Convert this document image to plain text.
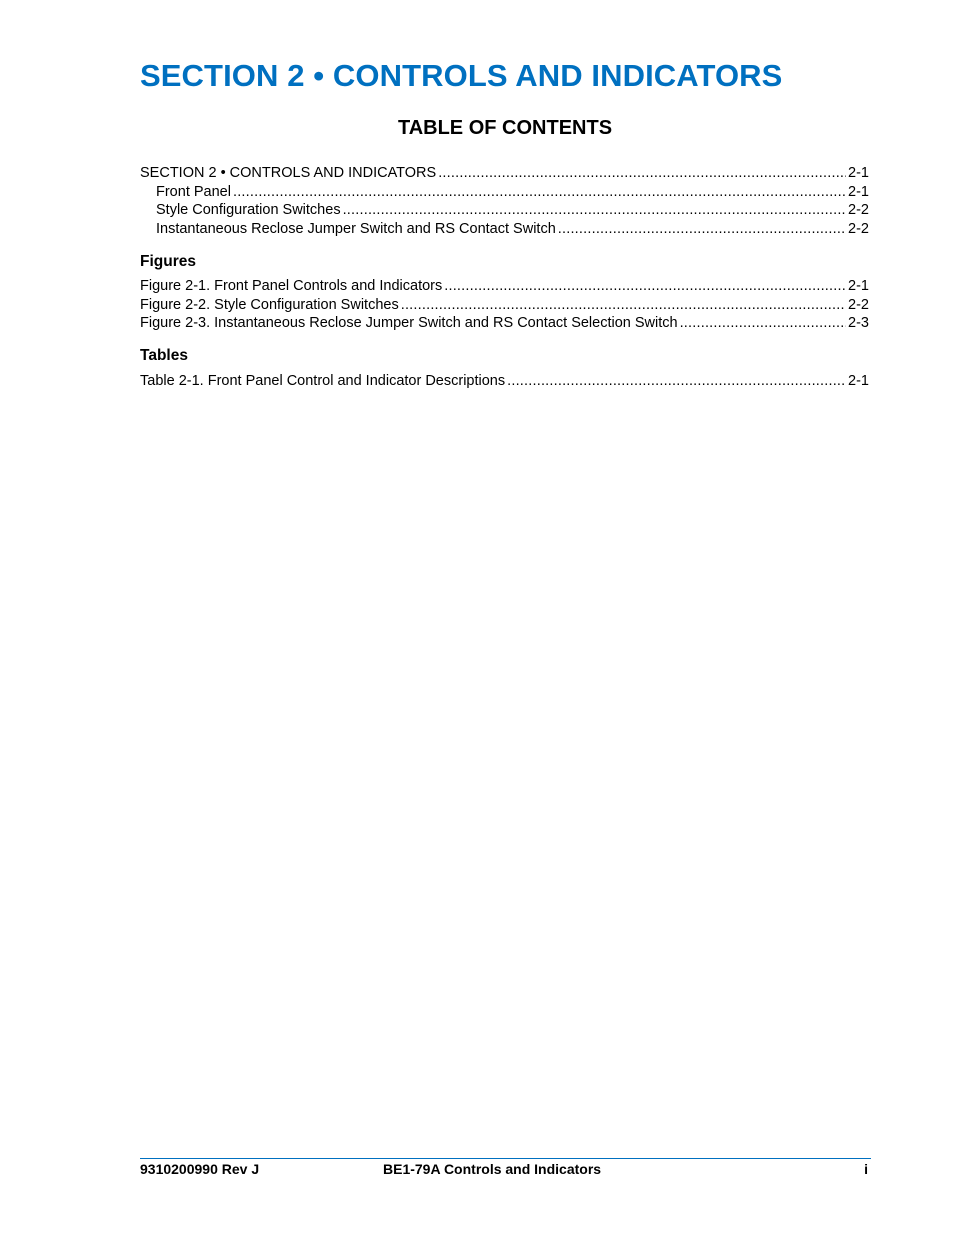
SECTION 2 • CONTROLS AND INDICATORS
TABLE OF CONTENTS
SECTION 2 • CONTROLS AND INDICATORS .....	2-1
Front Panel .....	2-1
Style Configuration Switches .....	2-2
Instantaneous Reclose Jumper Switch and RS Contact Switch .....	2-2
Figures
Figure 2-1. Front Panel Controls and Indicators .....	2-1
Figure 2-2. Style Configuration Switches .....	2-2
Figure 2-3. Instantaneous Reclose Jumper Switch and RS Contact Selection Switch .....	2-3
Tables
Table 2-1. Front Panel Control and Indicator Descriptions .....	2-1
9310200990 Rev J	BE1-79A Controls and Indicators	i
